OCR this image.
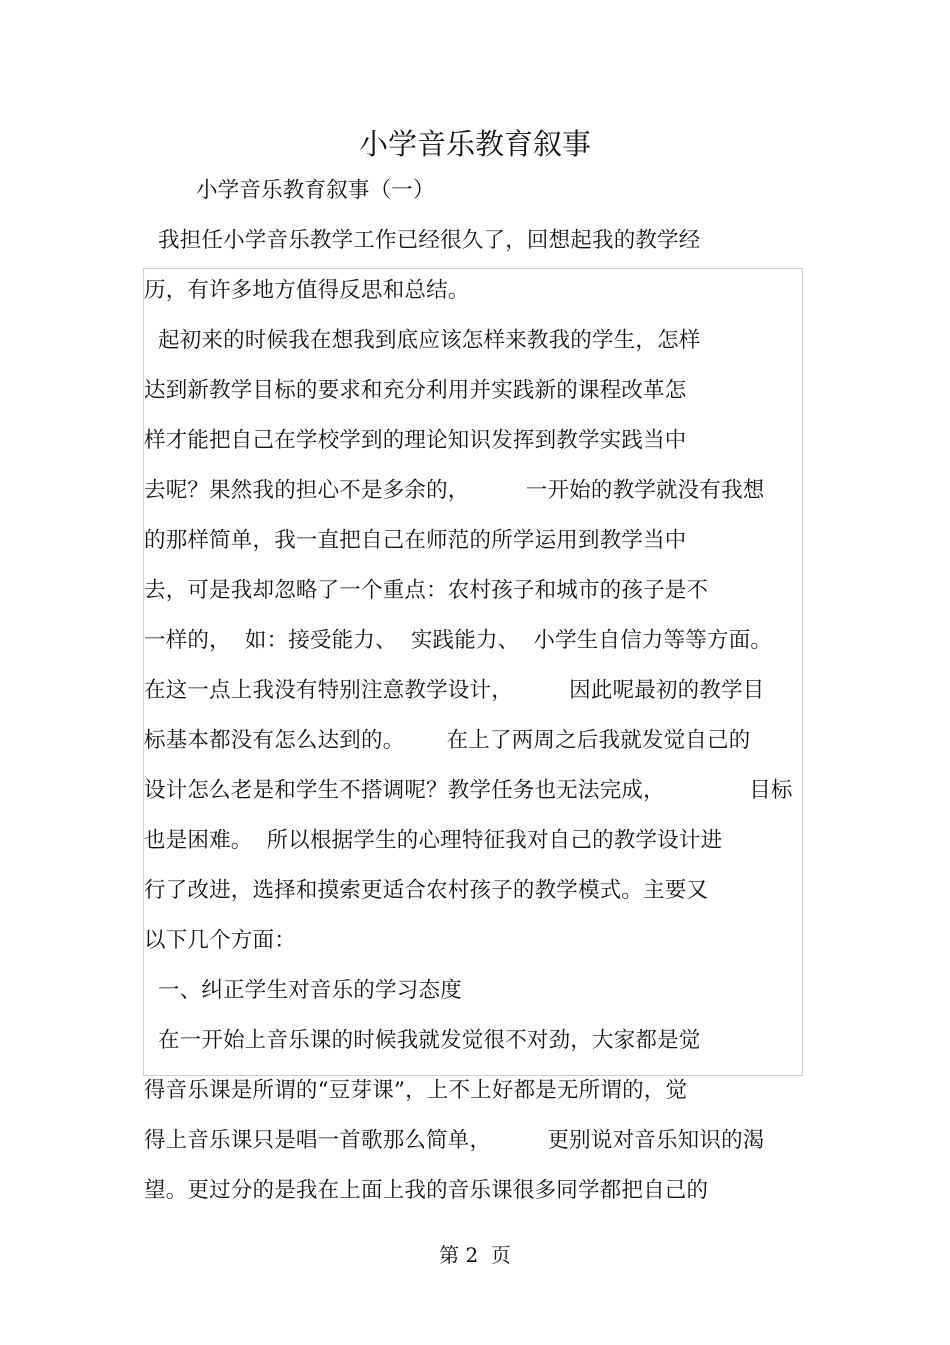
小学音乐教育叙事
小学音乐教育叙事（一）
我担任小学音乐教学工作已经很久了，回想起我的教学经
历，有许多地方值得反思和总结。
起初来的时候我在想我到底应该怎样来教我的学生，怎样
达到新教学目标的要求和充分利用并实践新的课程改革怎
样才能把自己在学校学到的理论知识发挥到教学实践当中
去呢？果然我的担心不是多余的，        一开始的教学就没有我想
的那样简单，我一直把自己在师范的所学运用到教学当中
去，可是我却忽略了一个重点：农村孩子和城市的孩子是不
一样的，  如：接受能力、  实践能力、  小学生自信力等等方面。
在这一点上我没有特别注意教学设计，        因此呢最初的教学目
标基本都没有怎么达到的。      在上了两周之后我就发觉自己的
设计怎么老是和学生不搭调呢？教学任务也无法完成，            目标
也是困难。  所以根据学生的心理特征我对自己的教学设计进
行了改进，选择和摸索更适合农村孩子的教学模式。主要又
以下几个方面：
一、纠正学生对音乐的学习态度
在一开始上音乐课的时候我就发觉很不对劲，大家都是觉
得音乐课是所谓的“豆芽课”，上不上好都是无所谓的，觉
得上音乐课只是唱一首歌那么简单，        更别说对音乐知识的渴
望。更过分的是我在上面上我的音乐课很多同学都把自己的
第 2  页
